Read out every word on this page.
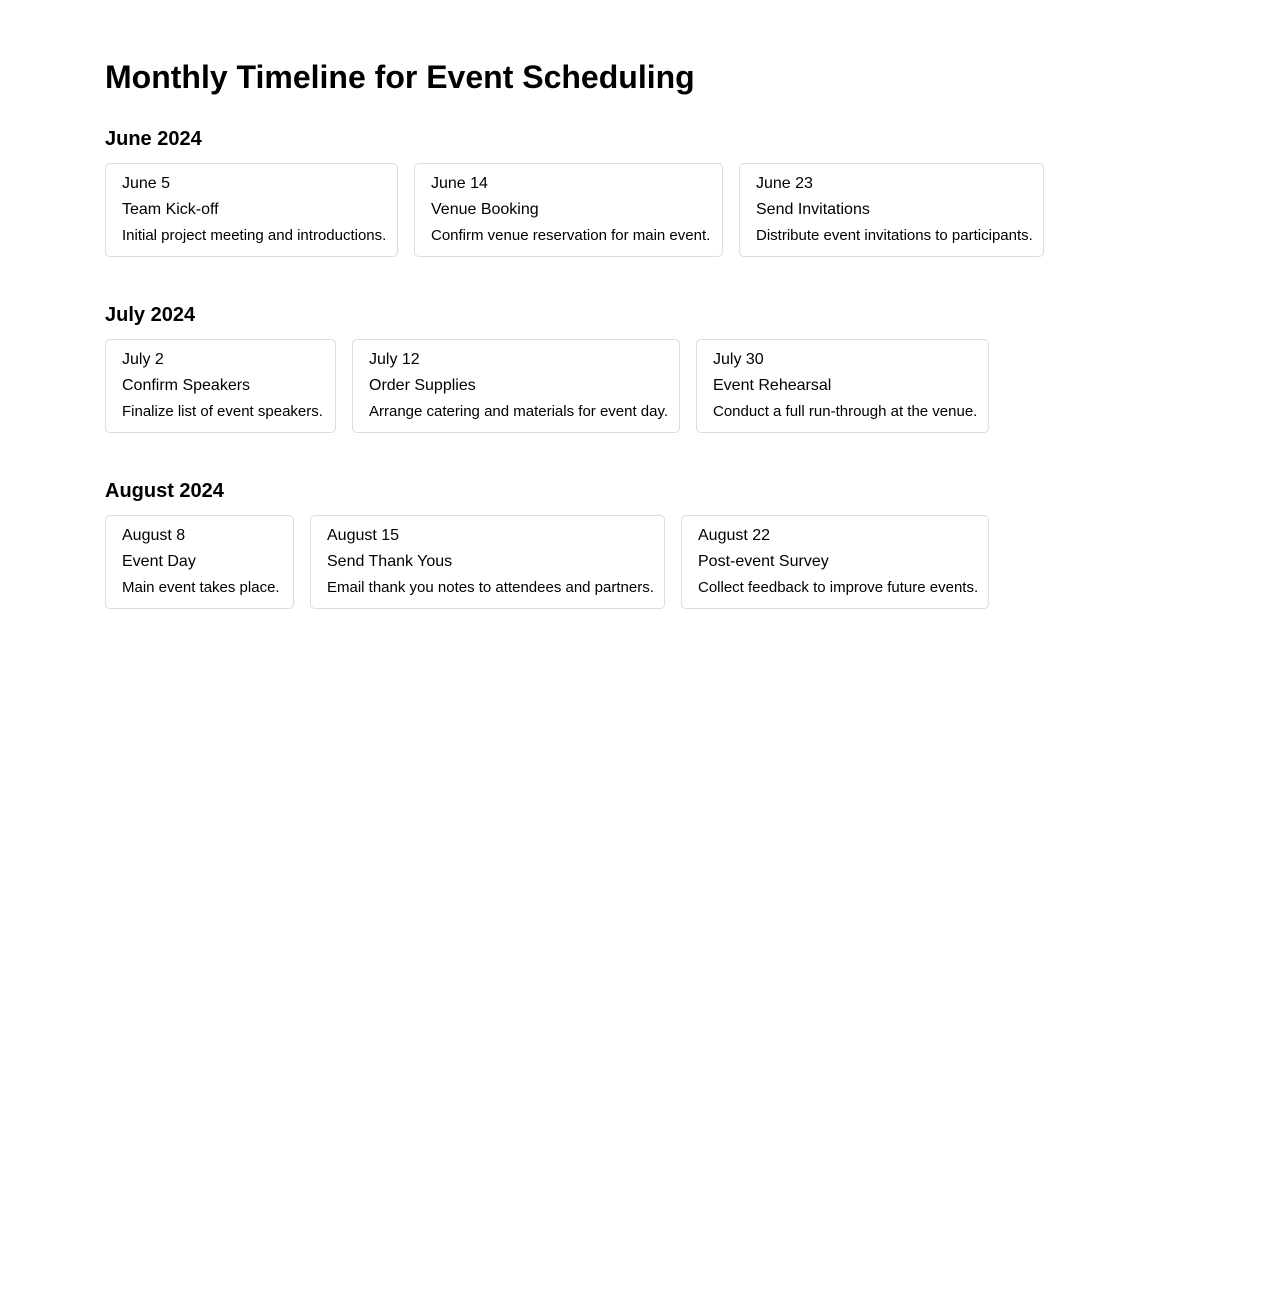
Monthly Timeline for Event Scheduling
June 2024
June 5
Team Kick-off
Initial project meeting and introductions.
June 14
Venue Booking
Confirm venue reservation for main event.
June 23
Send Invitations
Distribute event invitations to participants.
July 2024
July 2
Confirm Speakers
Finalize list of event speakers.
July 12
Order Supplies
Arrange catering and materials for event day.
July 30
Event Rehearsal
Conduct a full run-through at the venue.
August 2024
August 8
Event Day
Main event takes place.
August 15
Send Thank Yous
Email thank you notes to attendees and partners.
August 22
Post-event Survey
Collect feedback to improve future events.
